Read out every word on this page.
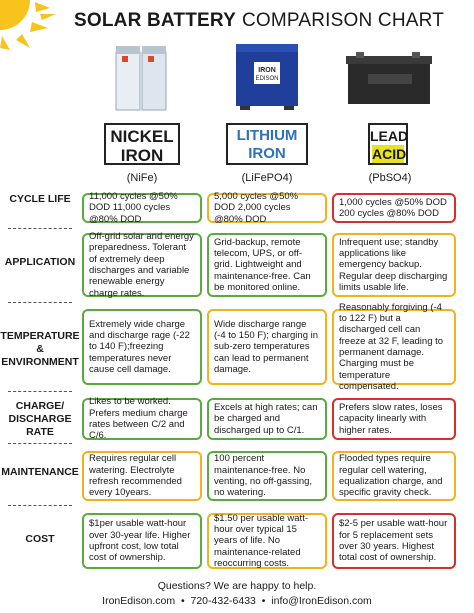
SOLAR BATTERY COMPARISON CHART
IRON
EDISON
NICKEL
IRON
LITHIUM
IRON
LEAD
ACID
(NiFe)	(LiFePO4)	(PbSO4)
CYCLE LIFE
APPLICATION
TEMPERATURE & ENVIRONMENT
CHARGE/ DISCHARGE RATE
MAINTENANCE
COST
11,000 cycles @50% DOD 11,000 cycles @80% DOD
5,000 cycles @50% DOD 2,000 cycles @80% DOD
1,000 cycles @50% DOD 200 cycles @80% DOD
Off-grid solar and energy preparedness. Tolerant of extremely deep discharges and variable renewable energy charge rates.
Grid-backup, remote telecom, UPS, or off-grid. Lightweight and maintenance-free. Can be monitored online.
Infrequent use; standby applications like emergency backup. Regular deep discharging limits usable life.
Extremely wide charge and discharge rage (-22 to 140 F);freezing temperatures never cause cell damage.
Wide discharge range (-4 to 150 F); charging in sub-zero temperatures can lead to permanent damage.
Reasonably forgiving (-4 to 122 F) but a discharged cell can freeze at 32 F, leading to permanent damage. Charging must be temperature compensated.
Likes to be worked. Prefers medium charge rates between C/2 and C/6.
Excels at high rates; can be charged and discharged up to C/1.
Prefers slow rates, loses capacity linearly with higher rates.
Requires regular cell watering. Electrolyte refresh recommended every 10years.
100 percent maintenance-free. No venting, no off-gassing, no watering.
Flooded types require regular cell watering, equalization charge, and specific gravity check.
$1per usable watt-hour over 30-year life. Higher upfront cost, low total cost of ownership.
$1.50 per usable watt-hour over typical 15 years of life. No maintenance-related reoccurring costs.
$2-5 per usable watt-hour for 5 replacement sets over 30 years. Highest total cost of ownership.
Questions? We are happy to help.
IronEdison.com • 720-432-6433 • info@IronEdison.com
